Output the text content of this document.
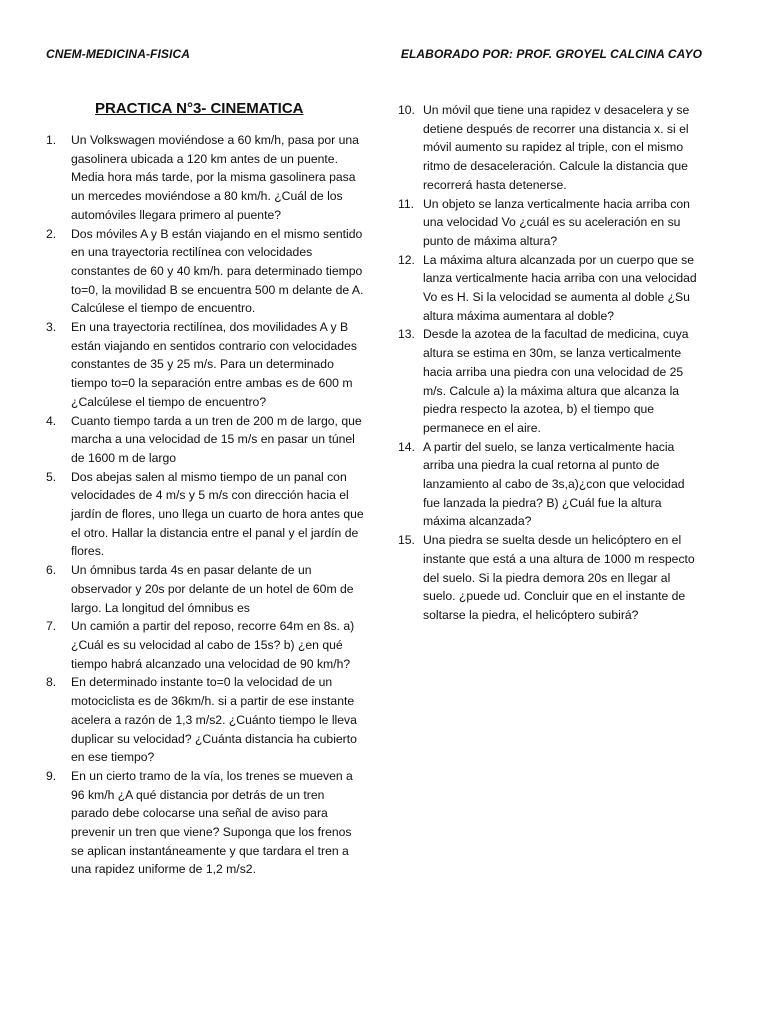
CNEM-MEDICINA-FISICA	ELABORADO POR: PROF. GROYEL CALCINA CAYO
PRACTICA N°3- CINEMATICA
1. Un Volkswagen moviéndose a 60 km/h, pasa por una gasolinera ubicada a 120 km antes de un puente. Media hora más tarde, por la misma gasolinera pasa un mercedes moviéndose a 80 km/h. ¿Cuál de los automóviles llegara primero al puente?
2. Dos móviles A y B están viajando en el mismo sentido en una trayectoria rectilínea con velocidades constantes de 60 y 40 km/h. para determinado tiempo to=0, la movilidad B se encuentra 500 m delante de A. Calcúlese el tiempo de encuentro.
3. En una trayectoria rectilínea, dos movilidades A y B están viajando en sentidos contrario con velocidades constantes de 35 y 25 m/s. Para un determinado tiempo to=0 la separación entre ambas es de 600 m ¿Calcúlese el tiempo de encuentro?
4. Cuanto tiempo tarda a un tren de 200 m de largo, que marcha a una velocidad de 15 m/s en pasar un túnel de 1600 m de largo
5. Dos abejas salen al mismo tiempo de un panal con velocidades de 4 m/s y 5 m/s con dirección hacia el jardín de flores, uno llega un cuarto de hora antes que el otro. Hallar la distancia entre el panal y el jardín de flores.
6. Un ómnibus tarda 4s en pasar delante de un observador y 20s por delante de un hotel de 60m de largo. La longitud del ómnibus es
7. Un camión a partir del reposo, recorre 64m en 8s. a) ¿Cuál es su velocidad al cabo de 15s? b) ¿en qué tiempo habrá alcanzado una velocidad de 90 km/h?
8. En determinado instante to=0 la velocidad de un motociclista es de 36km/h. si a partir de ese instante acelera a razón de 1,3 m/s2. ¿Cuánto tiempo le lleva duplicar su velocidad? ¿Cuánta distancia ha cubierto en ese tiempo?
9. En un cierto tramo de la vía, los trenes se mueven a 96 km/h ¿A qué distancia por detrás de un tren parado debe colocarse una señal de aviso para prevenir un tren que viene? Suponga que los frenos se aplican instantáneamente y que tardara el tren a una rapidez uniforme de 1,2 m/s2.
10. Un móvil que tiene una rapidez v desacelera y se detiene después de recorrer una distancia x. si el móvil aumento su rapidez al triple, con el mismo ritmo de desaceleración. Calcule la distancia que recorrerá hasta detenerse.
11. Un objeto se lanza verticalmente hacia arriba con una velocidad Vo ¿cuál es su aceleración en su punto de máxima altura?
12. La máxima altura alcanzada por un cuerpo que se lanza verticalmente hacia arriba con una velocidad Vo es H. Si la velocidad se aumenta al doble ¿Su altura máxima aumentara al doble?
13. Desde la azotea de la facultad de medicina, cuya altura se estima en 30m, se lanza verticalmente hacia arriba una piedra con una velocidad de 25 m/s. Calcule a) la máxima altura que alcanza la piedra respecto la azotea, b) el tiempo que permanece en el aire.
14. A partir del suelo, se lanza verticalmente hacia arriba una piedra la cual retorna al punto de lanzamiento al cabo de 3s,a)¿con que velocidad fue lanzada la piedra? B) ¿Cuál fue la altura máxima alcanzada?
15. Una piedra se suelta desde un helicóptero en el instante que está a una altura de 1000 m respecto del suelo. Si la piedra demora 20s en llegar al suelo. ¿puede ud. Concluir que en el instante de soltarse la piedra, el helicóptero subirá?
